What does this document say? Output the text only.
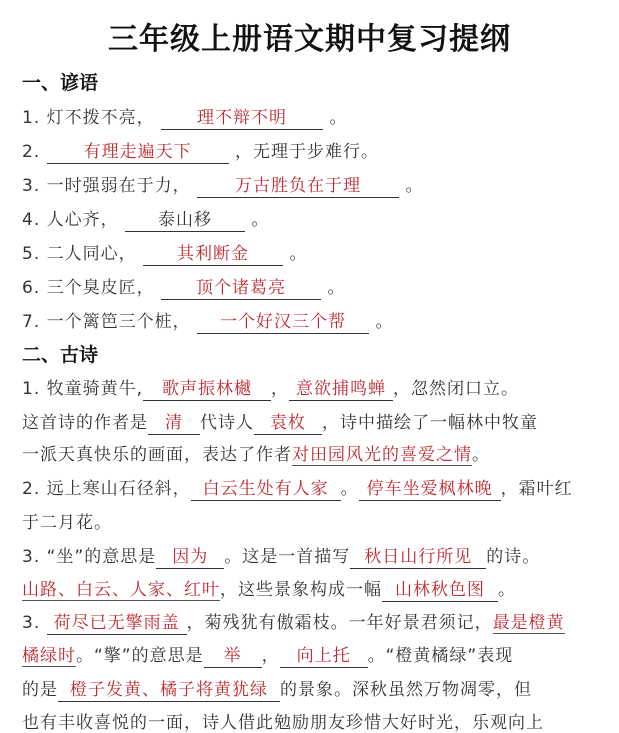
三年级上册语文期中复习提纲
一、谚语
1. 灯不拨不亮， 理不辩不明 。
2.	有理走遍天下	，无理于步难行。
3. 一时强弱在于力，	万古胜负在于理	。
4. 人心齐， 泰山移 。
5. 二人同心， 其利断金 。
6. 三个臭皮匠， 顶个诸葛亮 。
7. 一个篱笆三个桩， 一个好汉三个帮 。
二、古诗
1. 牧童骑黄牛, 歌声振林樾 ， 意欲捕鸣蝉 ，忽然闭口立。
这首诗的作者是 清 代诗人 袁枚 ，诗中描绘了一幅林中牧童
一派天真快乐的画面，表达了作者对田园风光的喜爱之情。
2. 远上寒山石径斜， 白云生处有人家 。 停车坐爱枫林晚 ，霜叶红
于二月花。
3. “坐”的意思是 因为 。这是一首描写 秋日山行所见 的诗。
山路、白云、人家、红叶，这些景象构成一幅 山林秋色图 。
3. 荷尽已无擎雨盖 ，菊残犹有傲霜枝。一年好景君须记，最是橙黄
橘绿时。“擎”的意思是 举 ， 向上托 。“橙黄橘绿”表现
的是 橙子发黄、橘子将黄犹绿 的景象。深秋虽然万物凋零，但
也有丰收喜悦的一面，诗人借此勉励朋友珍惜大好时光，乐观向上
